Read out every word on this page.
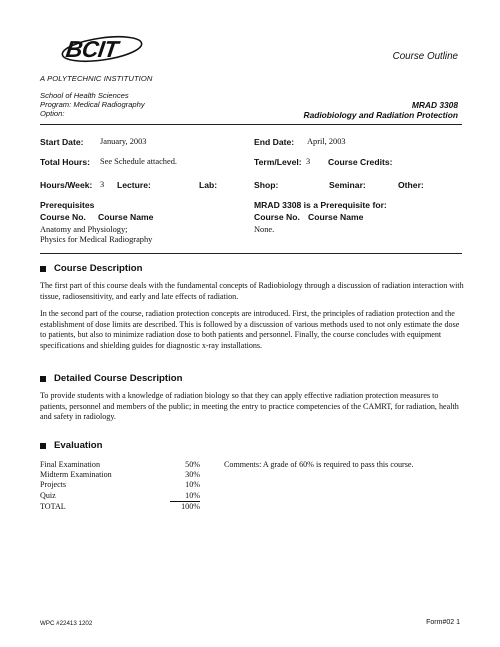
BCIT
A POLYTECHNIC INSTITUTION
Course Outline
School of Health Sciences
Program: Medical Radiography
Option:
MRAD 3308
Radiobiology and Radiation Protection
Start Date: January, 2003	End Date: April, 2003
Total Hours: See Schedule attached.	Term/Level: 3 Course Credits:
Hours/Week: 3 Lecture:	Lab:	Shop:	Seminar:	Other:
Prerequisites
Course No. Course Name
Anatomy and Physiology;
Physics for Medical Radiography
MRAD 3308 is a Prerequisite for:
Course No. Course Name
None.
Course Description
The first part of this course deals with the fundamental concepts of Radiobiology through a discussion of radiation interaction with tissue, radiosensitivity, and early and late effects of radiation.
In the second part of the course, radiation protection concepts are introduced. First, the principles of radiation protection and the establishment of dose limits are described. This is followed by a discussion of various methods used to not only estimate the dose to patients, but also to minimize radiation dose to both patients and personnel. Finally, the course concludes with equipment specifications and shielding guides for diagnostic x-ray installations.
Detailed Course Description
To provide students with a knowledge of radiation biology so that they can apply effective radiation protection measures to patients, personnel and members of the public; in meeting the entry to practice competencies of the CAMRT, for radiation, health and safety in radiology.
Evaluation
Final Examination	50%
Midterm Examination	30%
Projects	10%
Quiz	10%
TOTAL	100%
Comments: A grade of 60% is required to pass this course.
WPC #22413 1202	Form#02 1
